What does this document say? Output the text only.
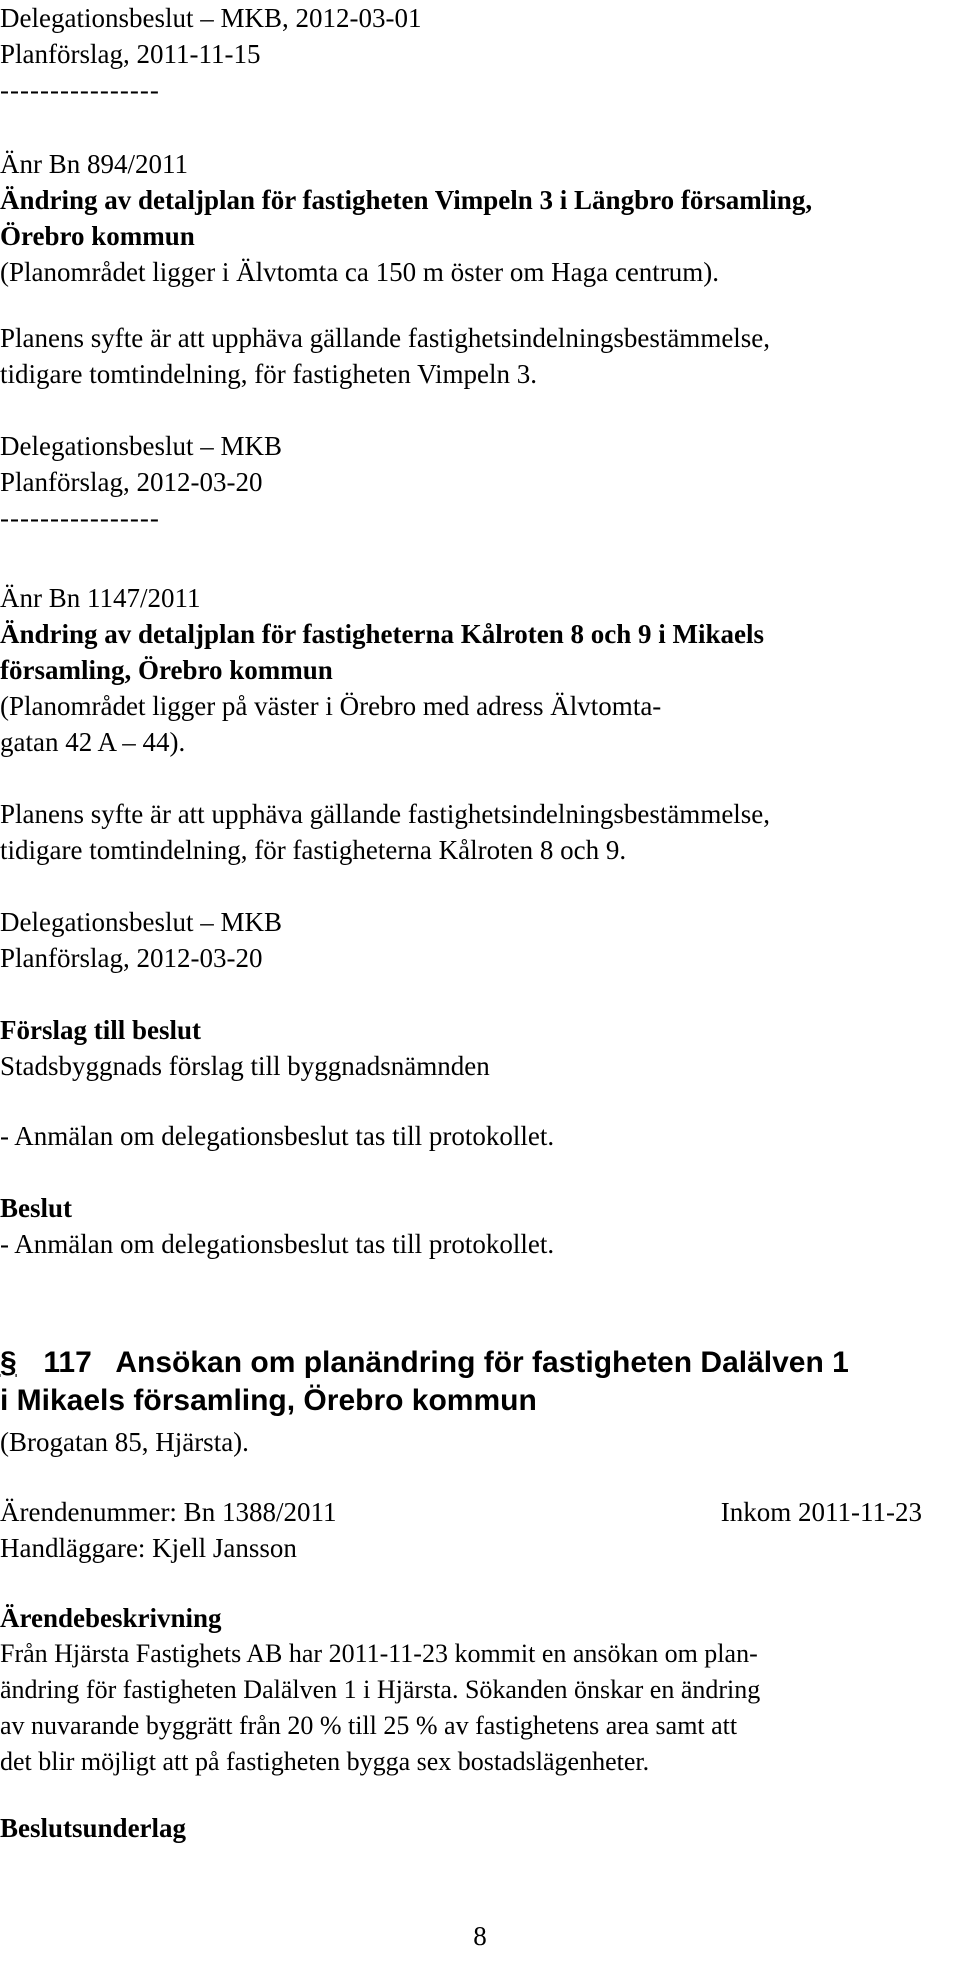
Delegationsbeslut – MKB, 2012-03-01

Planförslag, 2011-11-15

----------------

Änr Bn 894/2011

Ändring av detaljplan för fastigheten Vimpeln 3 i Längbro församling,

Örebro kommun

(Planområdet ligger i Älvtomta ca 150 m öster om Haga centrum).

Planens syfte är att upphäva gällande fastighetsindelningsbestämmelse,

tidigare tomtindelning, för fastigheten Vimpeln 3.

Delegationsbeslut – MKB

Planförslag, 2012-03-20

----------------

Änr Bn 1147/2011

Ändring av detaljplan för fastigheterna Kålroten 8 och 9 i Mikaels

församling, Örebro kommun

(Planområdet ligger på väster i Örebro med adress Älvtomta-

gatan 42 A – 44).

Planens syfte är att upphäva gällande fastighetsindelningsbestämmelse,

tidigare tomtindelning, för fastigheterna Kålroten 8 och 9.

Delegationsbeslut – MKB

Planförslag, 2012-03-20

Förslag till beslut

Stadsbyggnads förslag till byggnadsnämnden

- Anmälan om delegationsbeslut tas till protokollet.

Beslut

- Anmälan om delegationsbeslut tas till protokollet.

§ 117 Ansökan om planändring för fastigheten Dalälven 1

i Mikaels församling, Örebro kommun

(Brogatan 85, Hjärsta).

Ärendenummer: Bn 1388/2011	Inkom 2011-11-23

Handläggare: Kjell Jansson

Ärendebeskrivning

Från Hjärsta Fastighets AB har 2011-11-23 kommit en ansökan om plan-

ändring för fastigheten Dalälven 1 i Hjärsta. Sökanden önskar en ändring

av nuvarande byggrätt från 20 % till 25 % av fastighetens area samt att

det blir möjligt att på fastigheten bygga sex bostadslägenheter.

Beslutsunderlag

8
